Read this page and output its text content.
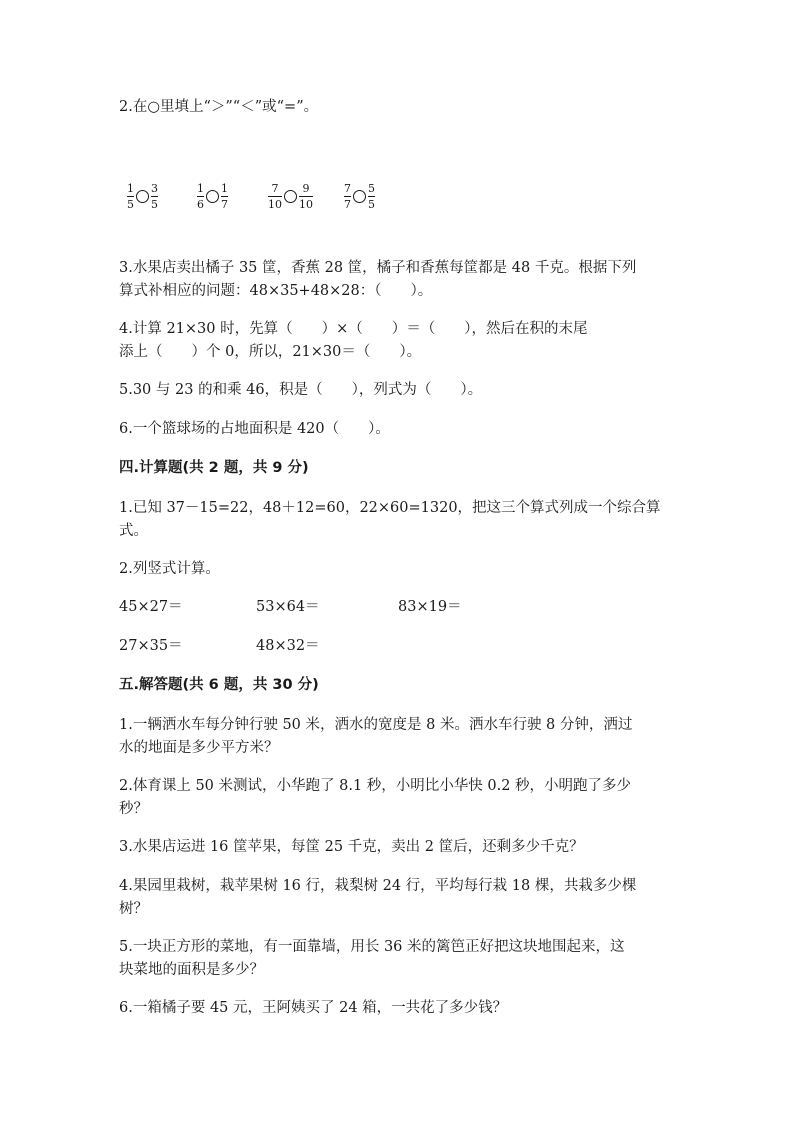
2.在○里填上“＞”“＜”或“=”。
$\frac{1}{5} \frac{3}{5}$	$\frac{1}{6} \frac{1}{7}$	$\frac{7}{10} \frac{9}{10}$	$\frac{7}{7} \frac{5}{5}$
3.水果店卖出橘子 35 筐，香蕉 28 筐，橘子和香蕉每筐都是 48 千克。根据下列
算式补相应的问题：48×35+48×28：（　　）。
4.计算 21×30 时，先算（　　）×（　　）＝（　　），然后在积的末尾
添上（　　）个 0，所以，21×30＝（　　）。
5.30 与 23 的和乘 46，积是（　　），列式为（　　）。
6.一个篮球场的占地面积是 420（　　）。
四.计算题(共 2 题，共 9 分)
1.已知 37－15=22，48＋12=60，22×60=1320，把这三个算式列成一个综合算
式。
2.列竖式计算。
45×27＝	53×64＝	83×19＝
27×35＝	48×32＝
五.解答题(共 6 题，共 30 分)
1.一辆洒水车每分钟行驶 50 米，洒水的宽度是 8 米。洒水车行驶 8 分钟，洒过
水的地面是多少平方米？
2.体育课上 50 米测试，小华跑了 8.1 秒，小明比小华快 0.2 秒，小明跑了多少
秒？
3.水果店运进 16 筐苹果，每筐 25 千克，卖出 2 筐后，还剩多少千克？
4.果园里栽树，栽苹果树 16 行，栽梨树 24 行，平均每行栽 18 棵，共栽多少棵
树？
5.一块正方形的菜地，有一面靠墙，用长 36 米的篱笆正好把这块地围起来，这
块菜地的面积是多少？
6.一箱橘子要 45 元，王阿姨买了 24 箱，一共花了多少钱？
